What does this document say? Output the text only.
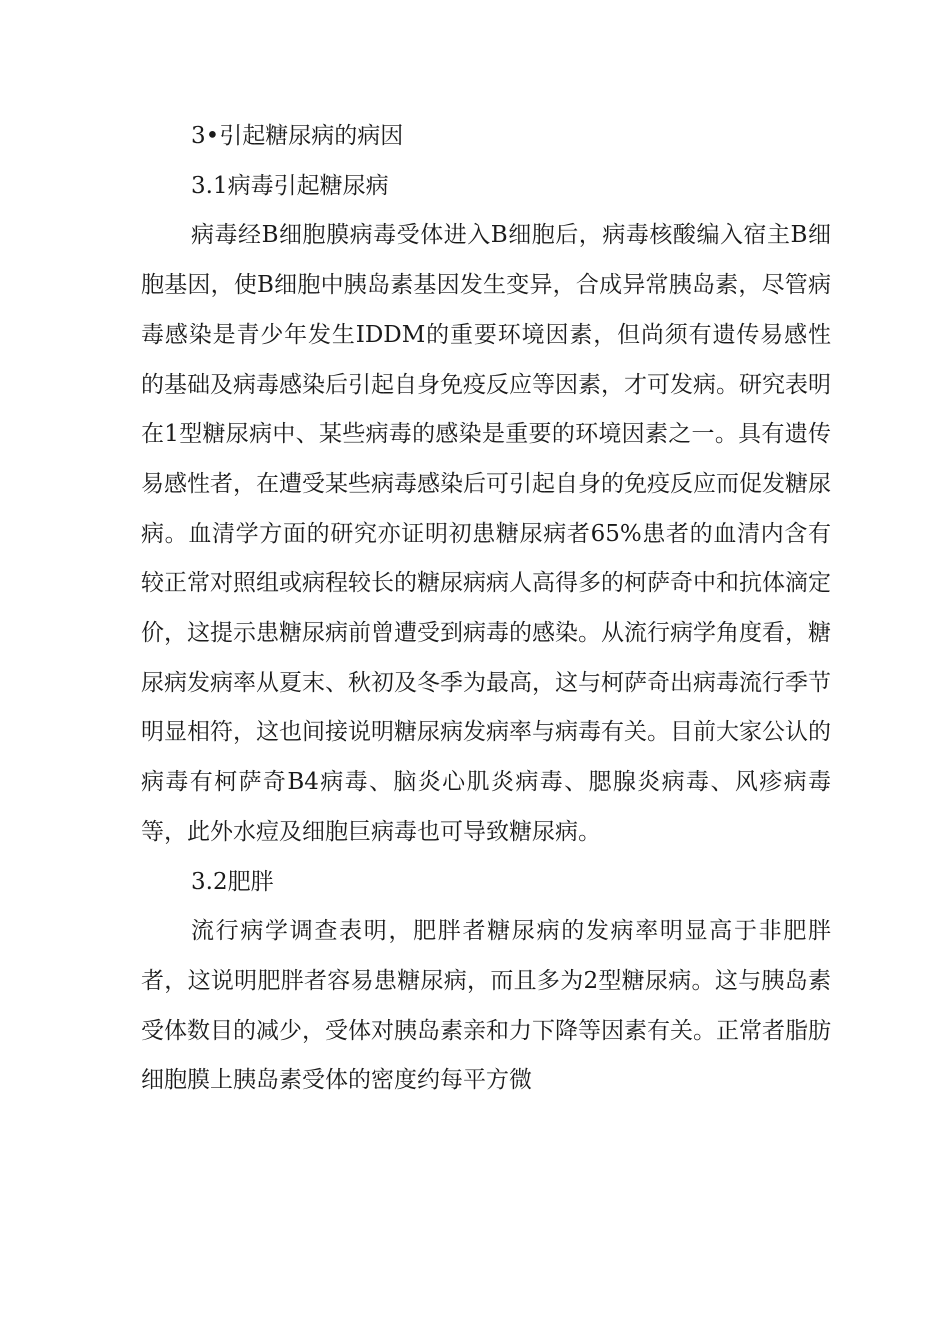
3•引起糖尿病的病因

3.1病毒引起糖尿病

病毒经B细胞膜病毒受体进入B细胞后，病毒核酸编入宿主B细胞基因，使B细胞中胰岛素基因发生变异，合成异常胰岛素，尽管病毒感染是青少年发生IDDM的重要环境因素，但尚须有遗传易感性的基础及病毒感染后引起自身免疫反应等因素，才可发病。研究表明在1型糖尿病中、某些病毒的感染是重要的环境因素之一。具有遗传易感性者，在遭受某些病毒感染后可引起自身的免疫反应而促发糖尿病。血清学方面的研究亦证明初患糖尿病者65%患者的血清内含有较正常对照组或病程较长的糖尿病病人高得多的柯萨奇中和抗体滴定价，这提示患糖尿病前曾遭受到病毒的感染。从流行病学角度看，糖尿病发病率从夏末、秋初及冬季为最高，这与柯萨奇出病毒流行季节明显相符，这也间接说明糖尿病发病率与病毒有关。目前大家公认的病毒有柯萨奇B4病毒、脑炎心肌炎病毒、腮腺炎病毒、风疹病毒等，此外水痘及细胞巨病毒也可导致糖尿病。

3.2肥胖

流行病学调查表明，肥胖者糖尿病的发病率明显高于非肥胖者，这说明肥胖者容易患糖尿病，而且多为2型糖尿病。这与胰岛素受体数目的减少，受体对胰岛素亲和力下降等因素有关。正常者脂肪细胞膜上胰岛素受体的密度约每平方微
